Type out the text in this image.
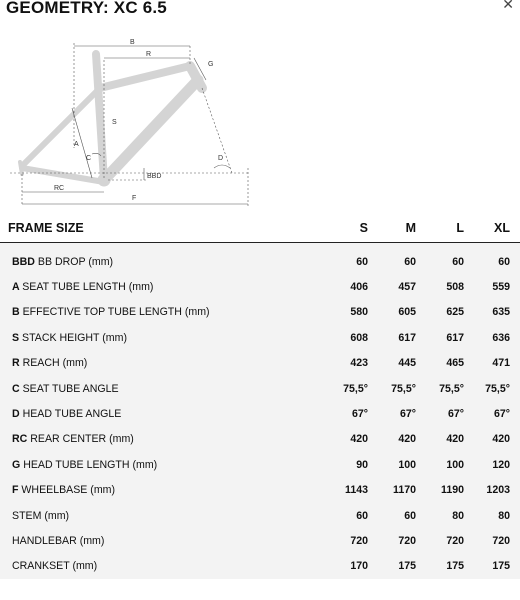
GEOMETRY: XC 6.5	✕
B
R
G
S
A
C	D
BBD
RC
F
FRAME SIZE	S	M	L	XL
BBD BB DROP (mm)	60	60	60	60
A SEAT TUBE LENGTH (mm)	406	457	508	559
B EFFECTIVE TOP TUBE LENGTH (mm)	580	605	625	635
S STACK HEIGHT (mm)	608	617	617	636
R REACH (mm)	423	445	465	471
C SEAT TUBE ANGLE	75,5°	75,5°	75,5°	75,5°
D HEAD TUBE ANGLE	67°	67°	67°	67°
RC REAR CENTER (mm)	420	420	420	420
G HEAD TUBE LENGTH (mm)	90	100	100	120
F WHEELBASE (mm)	1143	1170	1190	1203
STEM (mm)	60	60	80	80
HANDLEBAR (mm)	720	720	720	720
CRANKSET (mm)	170	175	175	175
